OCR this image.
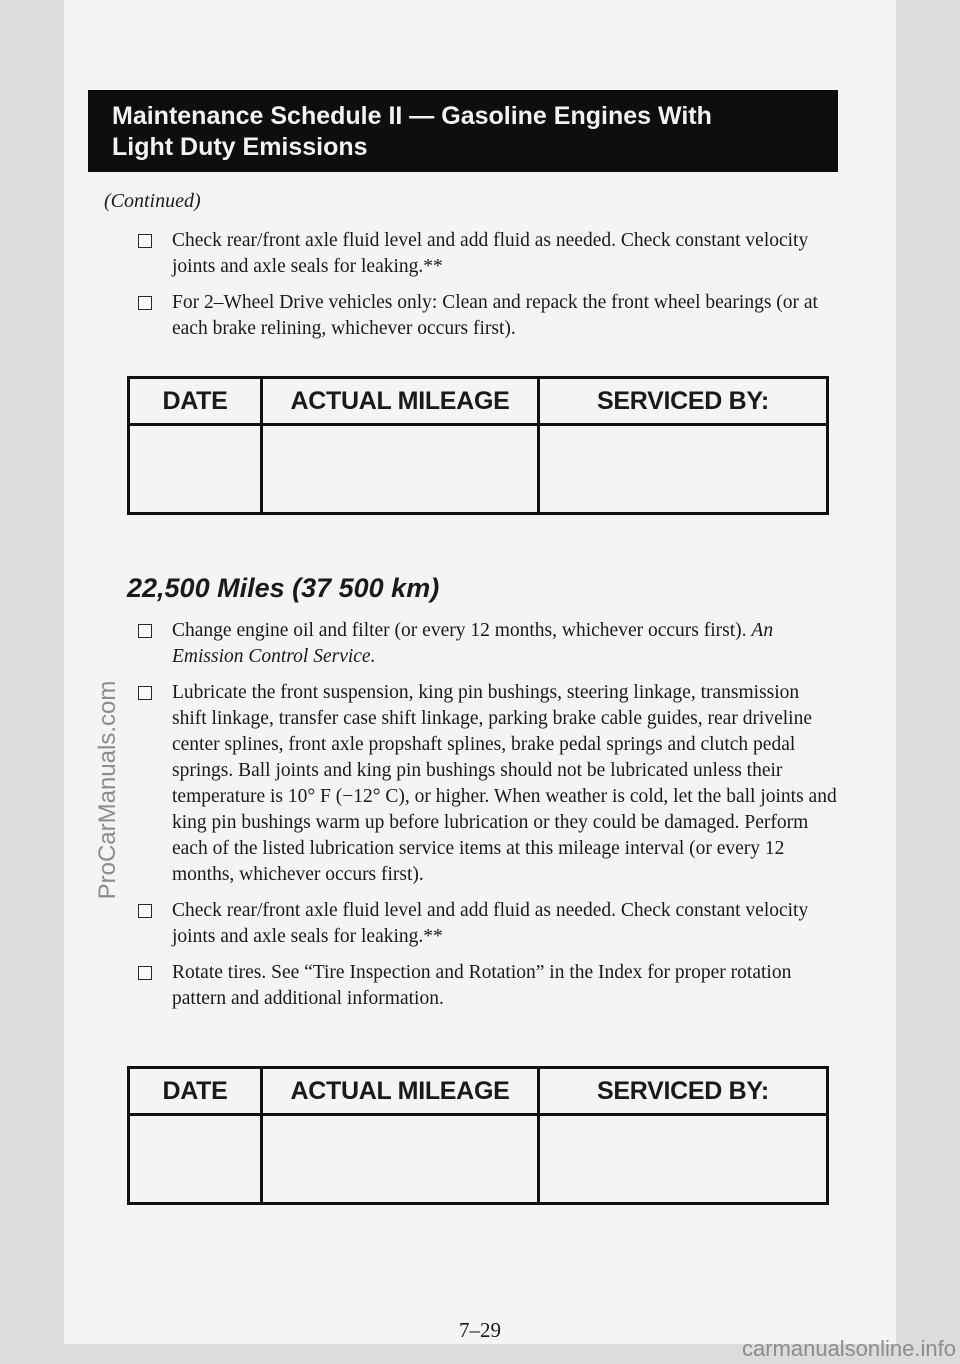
Maintenance Schedule II — Gasoline Engines With
Light Duty Emissions
(Continued)
Check rear/front axle fluid level and add fluid as needed. Check constant velocity joints and axle seals for leaking.**
For 2–Wheel Drive vehicles only: Clean and repack the front wheel bearings (or at each brake relining, whichever occurs first).
DATE	ACTUAL MILEAGE	SERVICED BY:
22,500 Miles (37 500 km)
Change engine oil and filter (or every 12 months, whichever occurs first). An Emission Control Service.
Lubricate the front suspension, king pin bushings, steering linkage, transmission shift linkage, transfer case shift linkage, parking brake cable guides, rear driveline center splines, front axle propshaft splines, brake pedal springs and clutch pedal springs. Ball joints and king pin bushings should not be lubricated unless their temperature is 10° F (−12° C), or higher. When weather is cold, let the ball joints and king pin bushings warm up before lubrication or they could be damaged. Perform each of the listed lubrication service items at this mileage interval (or every 12 months, whichever occurs first).
Check rear/front axle fluid level and add fluid as needed. Check constant velocity joints and axle seals for leaking.**
Rotate tires. See “Tire Inspection and Rotation” in the Index for proper rotation pattern and additional information.
DATE	ACTUAL MILEAGE	SERVICED BY:
7–29
ProCarManuals.com
carmanualsonline.info
